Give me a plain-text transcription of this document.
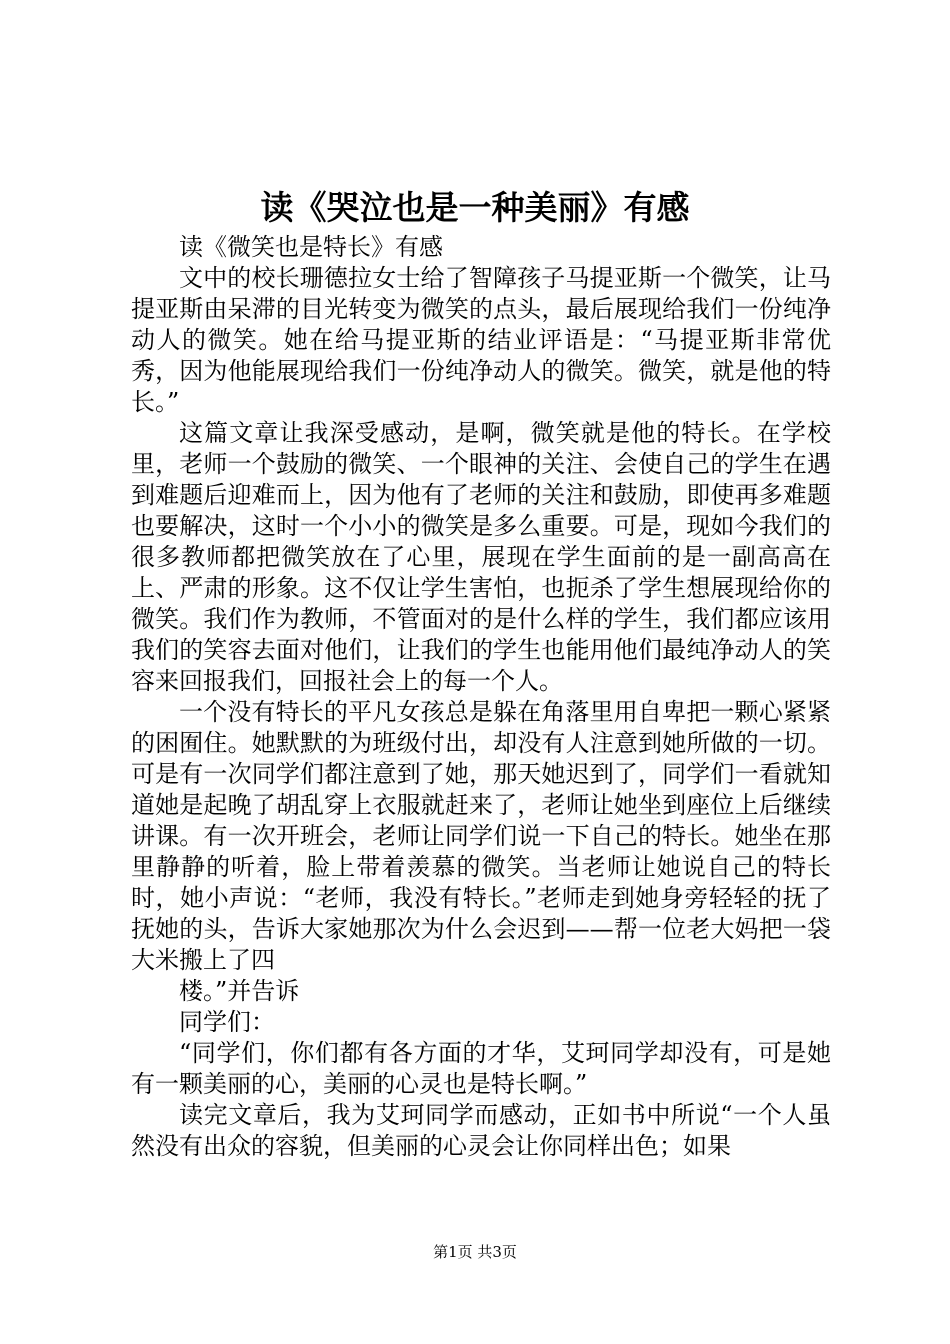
读《哭泣也是一种美丽》有感

读《微笑也是特长》有感

文中的校长珊德拉女士给了智障孩子马提亚斯一个微笑，让马提亚斯由呆滞的目光转变为微笑的点头，最后展现给我们一份纯净动人的微笑。她在给马提亚斯的结业评语是：“马提亚斯非常优秀，因为他能展现给我们一份纯净动人的微笑。微笑，就是他的特长。”

这篇文章让我深受感动，是啊，微笑就是他的特长。在学校里，老师一个鼓励的微笑、一个眼神的关注、会使自己的学生在遇到难题后迎难而上，因为他有了老师的关注和鼓励，即使再多难题也要解决，这时一个小小的微笑是多么重要。可是，现如今我们的很多教师都把微笑放在了心里，展现在学生面前的是一副高高在上、严肃的形象。这不仅让学生害怕，也扼杀了学生想展现给你的微笑。我们作为教师，不管面对的是什么样的学生，我们都应该用我们的笑容去面对他们，让我们的学生也能用他们最纯净动人的笑容来回报我们，回报社会上的每一个人。

一个没有特长的平凡女孩总是躲在角落里用自卑把一颗心紧紧的困囿住。她默默的为班级付出，却没有人注意到她所做的一切。可是有一次同学们都注意到了她，那天她迟到了，同学们一看就知道她是起晚了胡乱穿上衣服就赶来了，老师让她坐到座位上后继续讲课。有一次开班会，老师让同学们说一下自己的特长。她坐在那里静静的听着，脸上带着羡慕的微笑。当老师让她说自己的特长时，她小声说：“老师，我没有特长。”老师走到她身旁轻轻的抚了抚她的头，告诉大家她那次为什么会迟到——帮一位老大妈把一袋大米搬上了四

楼。”并告诉

同学们：

“同学们，你们都有各方面的才华，艾珂同学却没有，可是她有一颗美丽的心，美丽的心灵也是特长啊。”

读完文章后，我为艾珂同学而感动，正如书中所说“一个人虽然没有出众的容貌，但美丽的心灵会让你同样出色；如果

第1页 共3页
